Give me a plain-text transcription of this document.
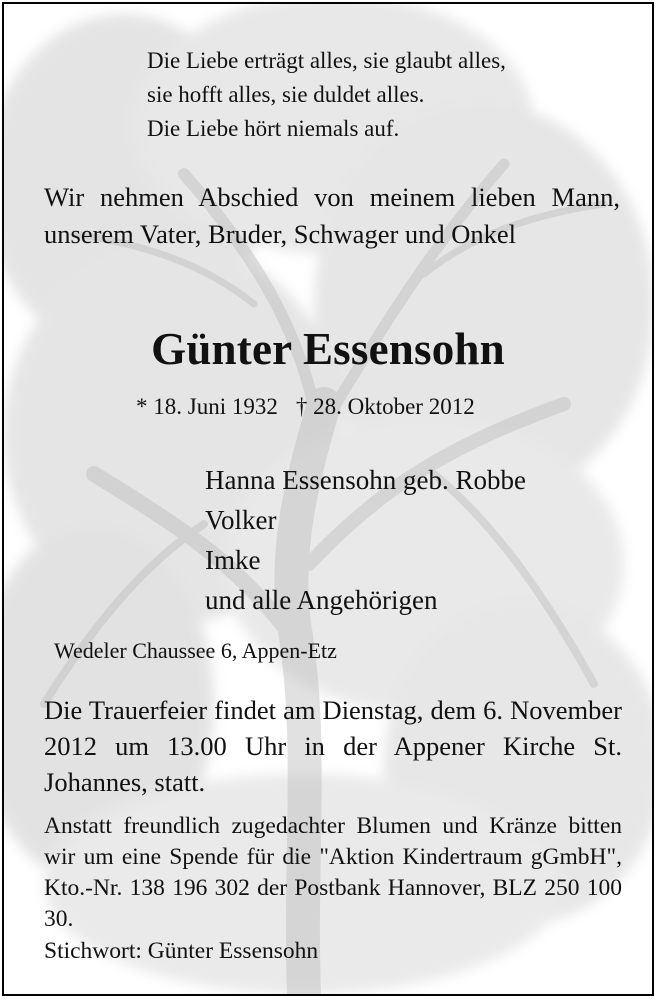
Die Liebe erträgt alles, sie glaubt alles,
sie hofft alles, sie duldet alles.
Die Liebe hört niemals auf.
Wir nehmen Abschied von meinem lieben Mann, unserem Vater, Bruder, Schwager und Onkel
Günter Essensohn
* 18. Juni 1932 † 28. Oktober 2012
Hanna Essensohn geb. Robbe
Volker
Imke
und alle Angehörigen
Wedeler Chaussee 6, Appen-Etz
Die Trauerfeier findet am Dienstag, dem 6. November 2012 um 13.00 Uhr in der Appener Kirche St. Johannes, statt.
Anstatt freundlich zugedachter Blumen und Kränze bitten wir um eine Spende für die "Aktion Kindertraum gGmbH", Kto.-Nr. 138 196 302 der Postbank Hannover, BLZ 250 100 30.
Stichwort: Günter Essensohn
